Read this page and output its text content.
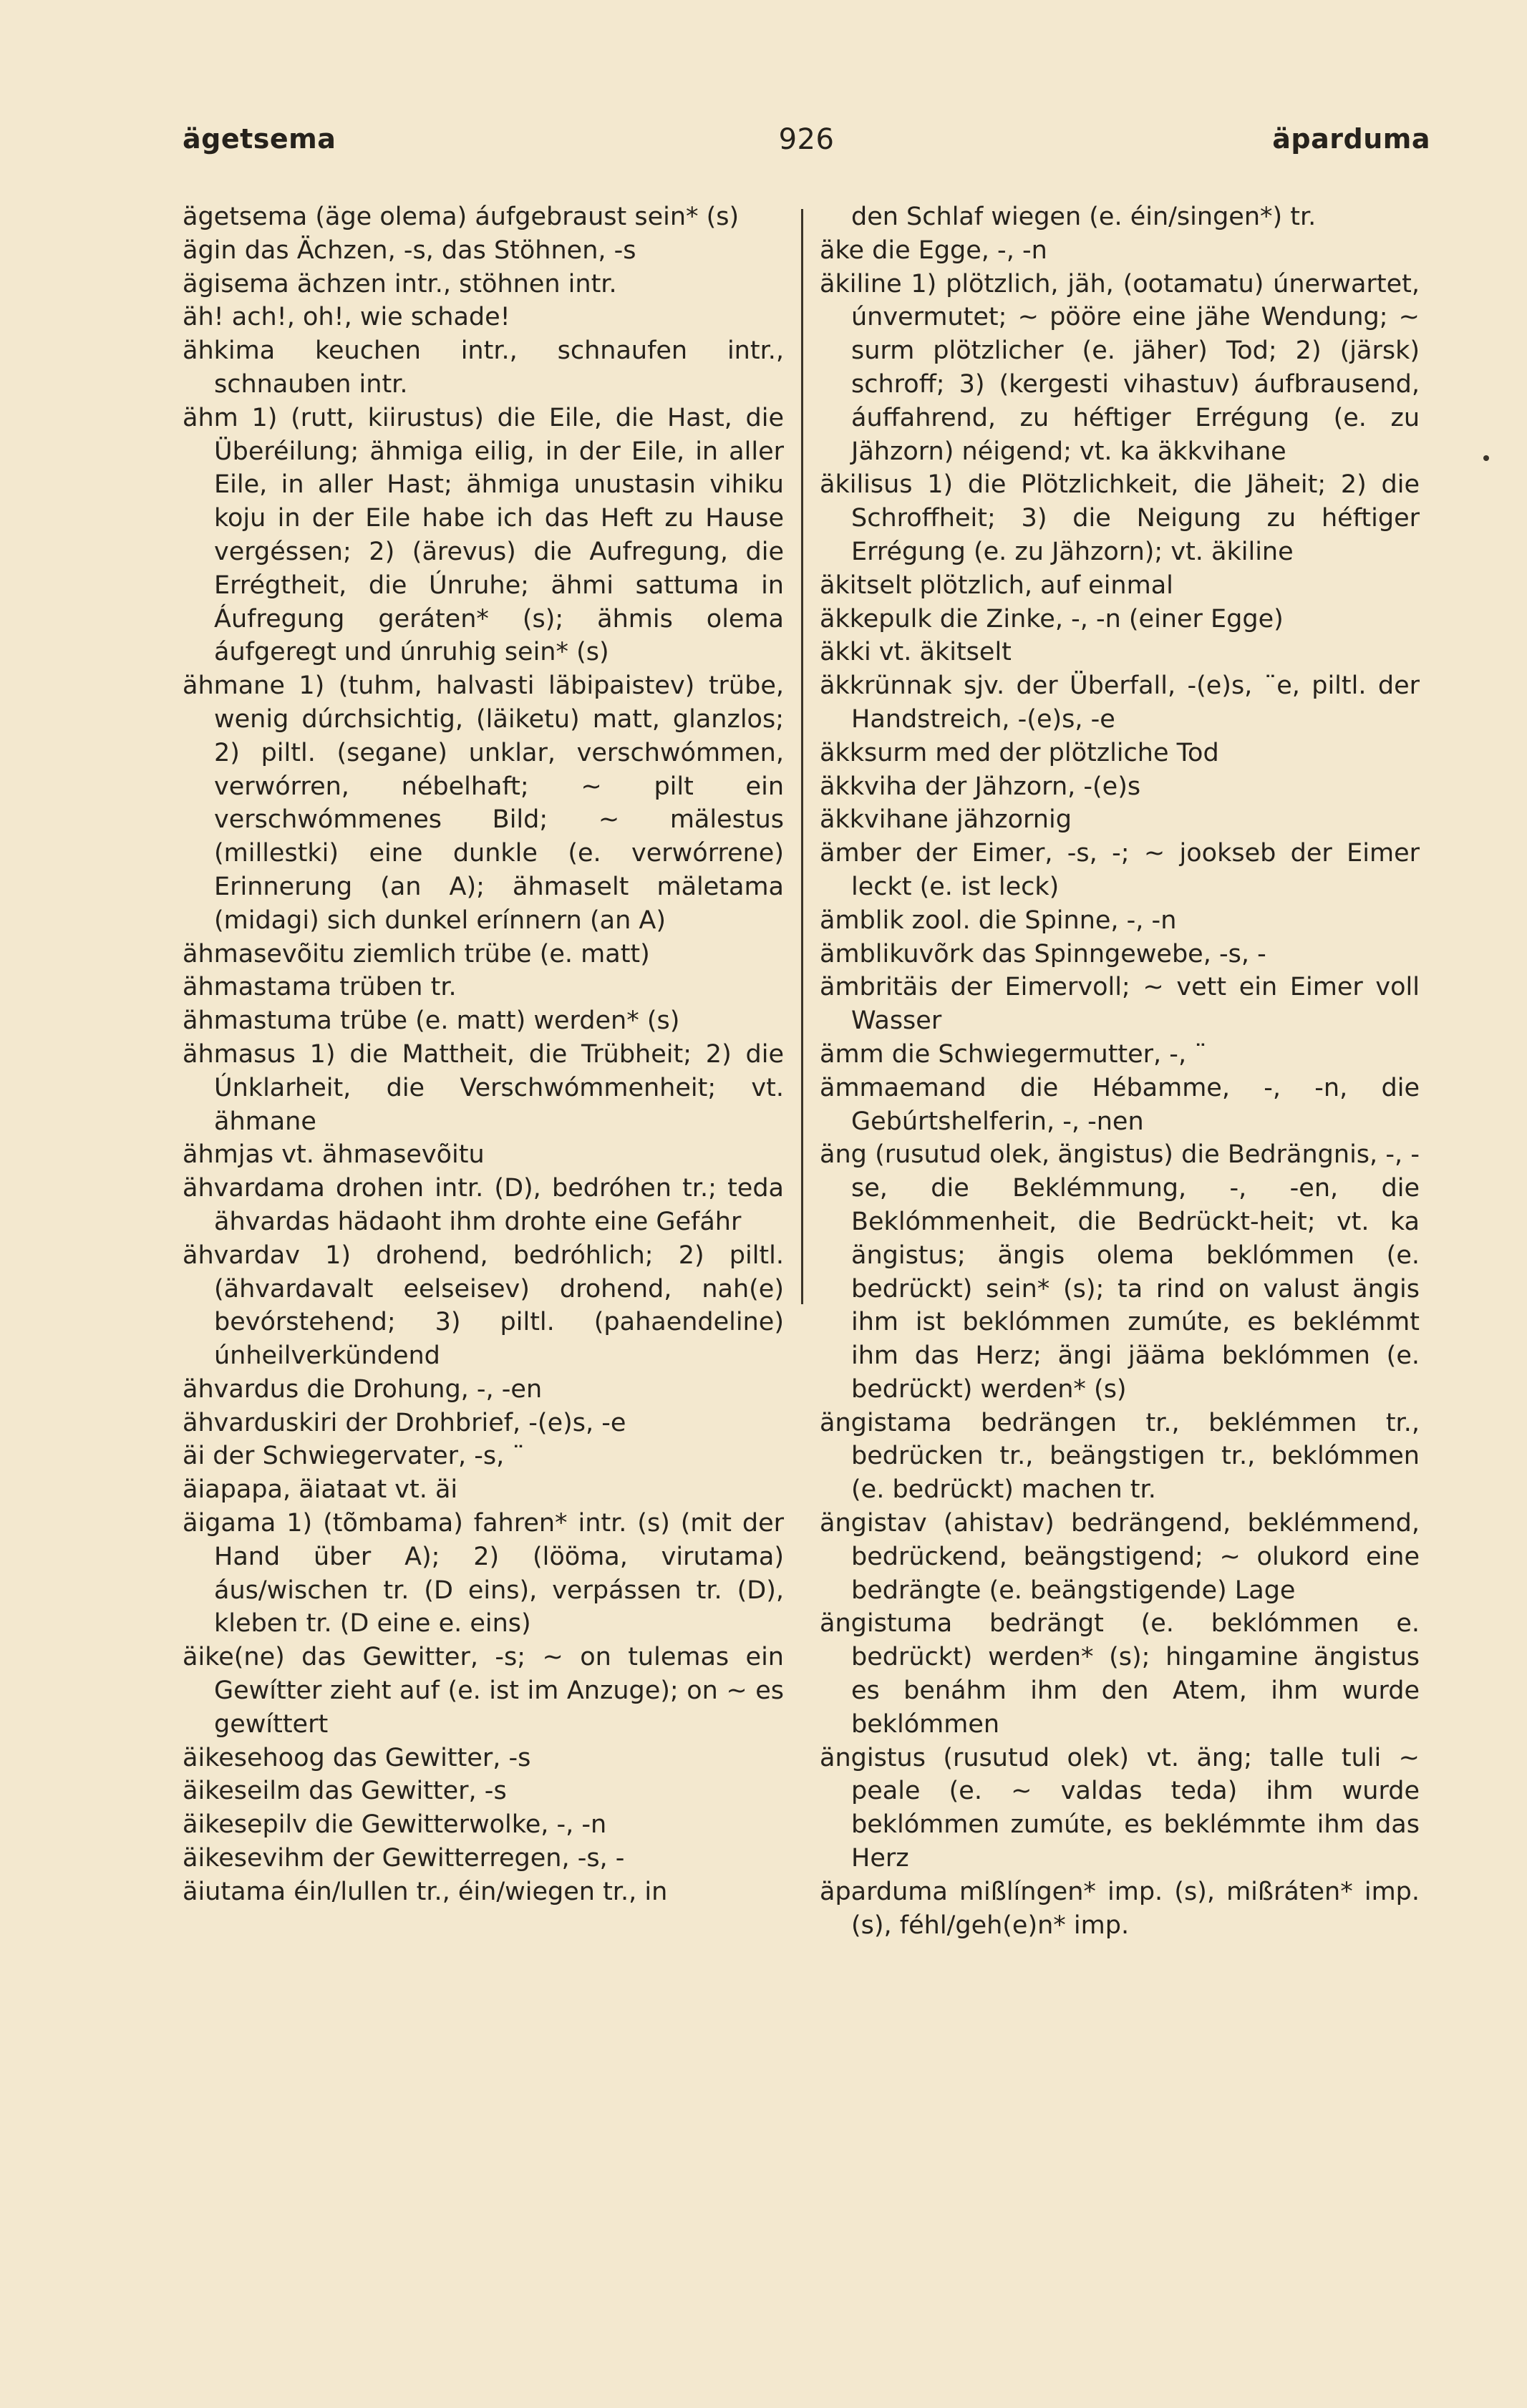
ägetsema	926	äparduma

ägetsema (äge olema) áufgebraust sein* (s)

ägin das Ächzen, -s, das Stöhnen, -s

ägisema ächzen intr., stöhnen intr.

äh! ach!, oh!, wie schade!

ähkima keuchen intr., schnaufen intr., schnauben intr.

ähm 1) (rutt, kiirustus) die Eile, die Hast, die Überéilung; ähmiga eilig, in der Eile, in aller Eile, in aller Hast; ähmiga unustasin vihiku koju in der Eile habe ich das Heft zu Hause vergéssen; 2) (ärevus) die Aufregung, die Errégtheit, die Únruhe; ähmi sattuma in Áufregung geráten* (s); ähmis olema áufgeregt und únruhig sein* (s)

ähmane 1) (tuhm, halvasti läbipaistev) trübe, wenig dúrchsichtig, (läiketu) matt, glanzlos; 2) piltl. (segane) unklar, verschwómmen, verwórren, nébelhaft; ~ pilt ein verschwómmenes Bild; ~ mälestus (millestki) eine dunkle (e. verwórrene) Erinnerung (an A); ähmaselt mäletama (midagi) sich dunkel erínnern (an A)

ähmasevõitu ziemlich trübe (e. matt)

ähmastama trüben tr.

ähmastuma trübe (e. matt) werden* (s)

ähmasus 1) die Mattheit, die Trübheit; 2) die Únklarheit, die Verschwómmenheit; vt. ähmane

ähmjas vt. ähmasevõitu

ähvardama drohen intr. (D), bedróhen tr.; teda ähvardas hädaoht ihm drohte eine Gefáhr

ähvardav 1) drohend, bedróhlich; 2) piltl. (ähvardavalt eelseisev) drohend, nah(e) bevórstehend; 3) piltl. (pahaendeline) únheilverkündend

ähvardus die Drohung, -, -en

ähvarduskiri der Drohbrief, -(e)s, -e

äi der Schwiegervater, -s, ¨

äiapapa, äiataat vt. äi

äigama 1) (tõmbama) fahren* intr. (s) (mit der Hand über A); 2) (lööma, virutama) áus/wischen tr. (D eins), verpássen tr. (D), kleben tr. (D eine e. eins)

äike(ne) das Gewitter, -s; ~ on tulemas ein Gewítter zieht auf (e. ist im Anzuge); on ~ es gewíttert

äikesehoog das Gewitter, -s

äikeseilm das Gewitter, -s

äikesepilv die Gewitterwolke, -, -n

äikesevihm der Gewitterregen, -s, -

äiutama éin/lullen tr., éin/wiegen tr., in

den Schlaf wiegen (e. éin/singen*) tr.

äke die Egge, -, -n

äkiline 1) plötzlich, jäh, (ootamatu) únerwartet, únvermutet; ~ pööre eine jähe Wendung; ~ surm plötzlicher (e. jäher) Tod; 2) (järsk) schroff; 3) (kergesti vihastuv) áufbrausend, áuffahrend, zu héftiger Errégung (e. zu Jähzorn) néigend; vt. ka äkkvihane

äkilisus 1) die Plötzlichkeit, die Jäheit; 2) die Schroffheit; 3) die Neigung zu héftiger Errégung (e. zu Jähzorn); vt. äkiline

äkitselt plötzlich, auf einmal

äkkepulk die Zinke, -, -n (einer Egge)

äkki vt. äkitselt

äkkrünnak sjv. der Überfall, -(e)s, ¨e, piltl. der Handstreich, -(e)s, -e

äkksurm med der plötzliche Tod

äkkviha der Jähzorn, -(e)s

äkkvihane jähzornig

ämber der Eimer, -s, -; ~ jookseb der Eimer leckt (e. ist leck)

ämblik zool. die Spinne, -, -n

ämblikuvõrk das Spinngewebe, -s, -

ämbritäis der Eimervoll; ~ vett ein Eimer voll Wasser

ämm die Schwiegermutter, -, ¨

ämmaemand die Hébamme, -, -n, die Gebúrtshelferin, -, -nen

äng (rusutud olek, ängistus) die Bedrängnis, -, -se, die Beklémmung, -, -en, die Beklómmenheit, die Bedrückt-heit; vt. ka ängistus; ängis olema beklómmen (e. bedrückt) sein* (s); ta rind on valust ängis ihm ist beklómmen zumúte, es beklémmt ihm das Herz; ängi jääma beklómmen (e. bedrückt) werden* (s)

ängistama bedrängen tr., beklémmen tr., bedrücken tr., beängstigen tr., beklómmen (e. bedrückt) machen tr.

ängistav (ahistav) bedrängend, beklémmend, bedrückend, beängstigend; ~ olukord eine bedrängte (e. beängstigende) Lage

ängistuma bedrängt (e. beklómmen e. bedrückt) werden* (s); hingamine ängistus es benáhm ihm den Atem, ihm wurde beklómmen

ängistus (rusutud olek) vt. äng; talle tuli ~ peale (e. ~ valdas teda) ihm wurde beklómmen zumúte, es beklémmte ihm das Herz

äparduma mißlíngen* imp. (s), mißráten* imp. (s), féhl/geh(e)n* imp.
